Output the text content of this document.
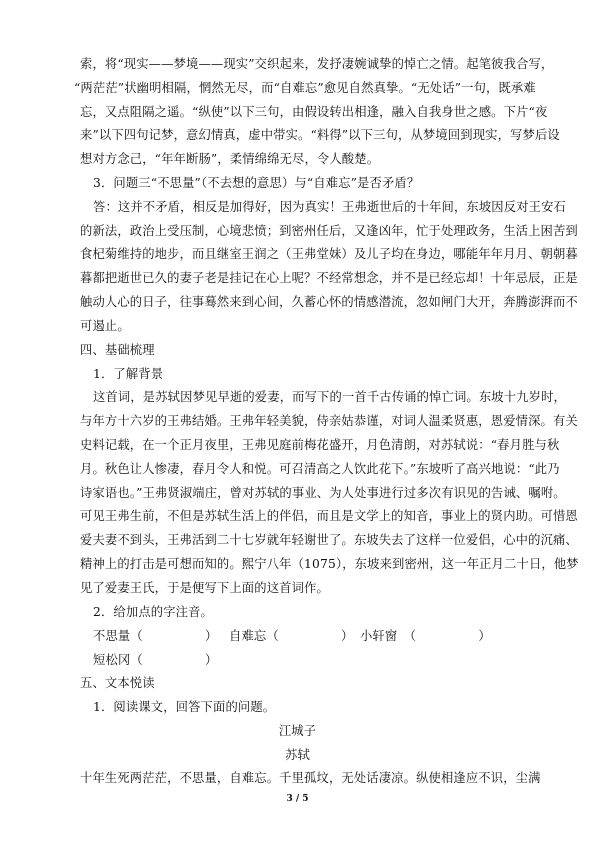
索，将“现实——梦境——现实”交织起来，发抒凄婉诚挚的悼亡之情。起笔彼我合写，
“两茫茫”状幽明相隔，惘然无尽，而“自难忘”愈见自然真挚。“无处话”一句，既承难
忘，又点阻隔之遥。“纵使”以下三句，由假设转出相逢，融入自我身世之感。下片“夜
来”以下四句记梦，意幻情真，虚中带实。“料得”以下三句，从梦境回到现实，写梦后设
想对方念己，“年年断肠”，柔情绵绵无尽，令人酸楚。
3．问题三“不思量”（不去想的意思）与“自难忘”是否矛盾？
答：这并不矛盾，相反是加得好，因为真实！王弗逝世后的十年间，东坡因反对王安石
的新法，政治上受压制，心境悲愤；到密州任后，又逢凶年，忙于处理政务，生活上困苦到
食杞菊维持的地步，而且继室王润之（王弗堂妹）及儿子均在身边，哪能年年月月、朝朝暮
暮都把逝世已久的妻子老是挂记在心上呢？不经常想念，并不是已经忘却！十年忌辰，正是
触动人心的日子，往事蓦然来到心间，久蓄心怀的情感潜流，忽如闸门大开，奔腾澎湃而不
可遏止。
四、基础梳理
1．了解背景
这首词，是苏轼因梦见早逝的爱妻，而写下的一首千古传诵的悼亡词。东坡十九岁时，
与年方十六岁的王弗结婚。王弗年轻美貌，侍亲姑恭谨，对词人温柔贤惠，恩爱情深。有关
史料记载，在一个正月夜里，王弗见庭前梅花盛开，月色清朗，对苏轼说：“春月胜与秋
月。秋色让人惨凄，春月令人和悦。可召清高之人饮此花下。”东坡听了高兴地说：“此乃
诗家语也。”王弗贤淑端庄，曾对苏轼的事业、为人处事进行过多次有识见的告诫、嘱咐。
可见王弗生前，不但是苏轼生活上的伴侣，而且是文学上的知音，事业上的贤内助。可惜恩
爱夫妻不到头，王弗活到二十七岁就年轻谢世了。东坡失去了这样一位爱侣，心中的沉痛、
精神上的打击是可想而知的。熙宁八年（1075），东坡来到密州，这一年正月二十日，他梦
见了爱妻王氏，于是便写下上面的这首词作。
2．给加点的字注音。
不思量（　　　　　） 自难忘（　　　　　） 小轩窗　（　　　　　）
短松冈（　　　　　）
五、文本悦读
1．阅读课文，回答下面的问题。
江城子
苏轼
十年生死两茫茫，不思量，自难忘。千里孤坟，无处话凄凉。纵使相逢应不识，尘满
3 / 5
